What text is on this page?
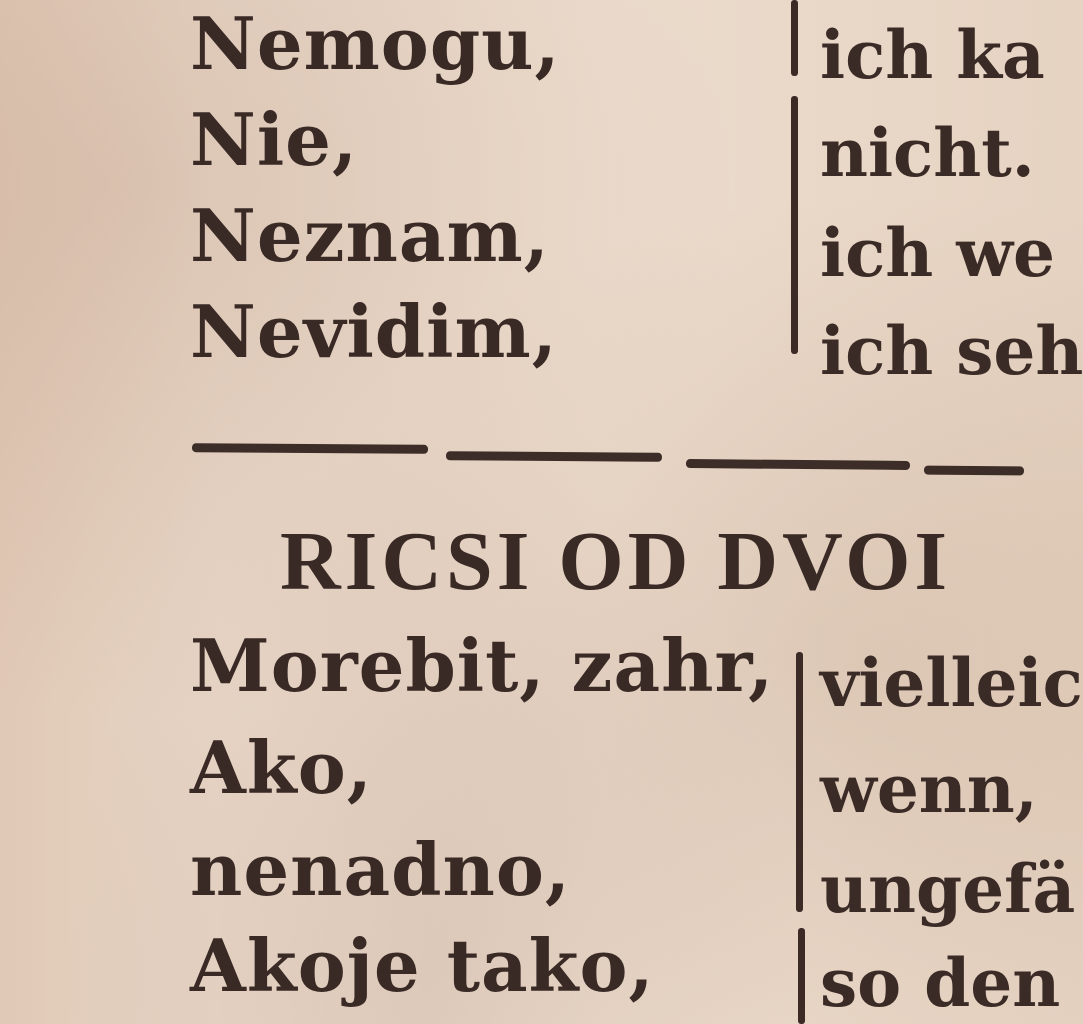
Nemogu,
Nie,
Neznam,
Nevidim,
ich ka
nicht.
ich we
ich seh
RICSI OD DVOI
Morebit, zahr,
Ako,
nenadno,
Akoje tako,
vielleic
wenn,
ungefä
so den
